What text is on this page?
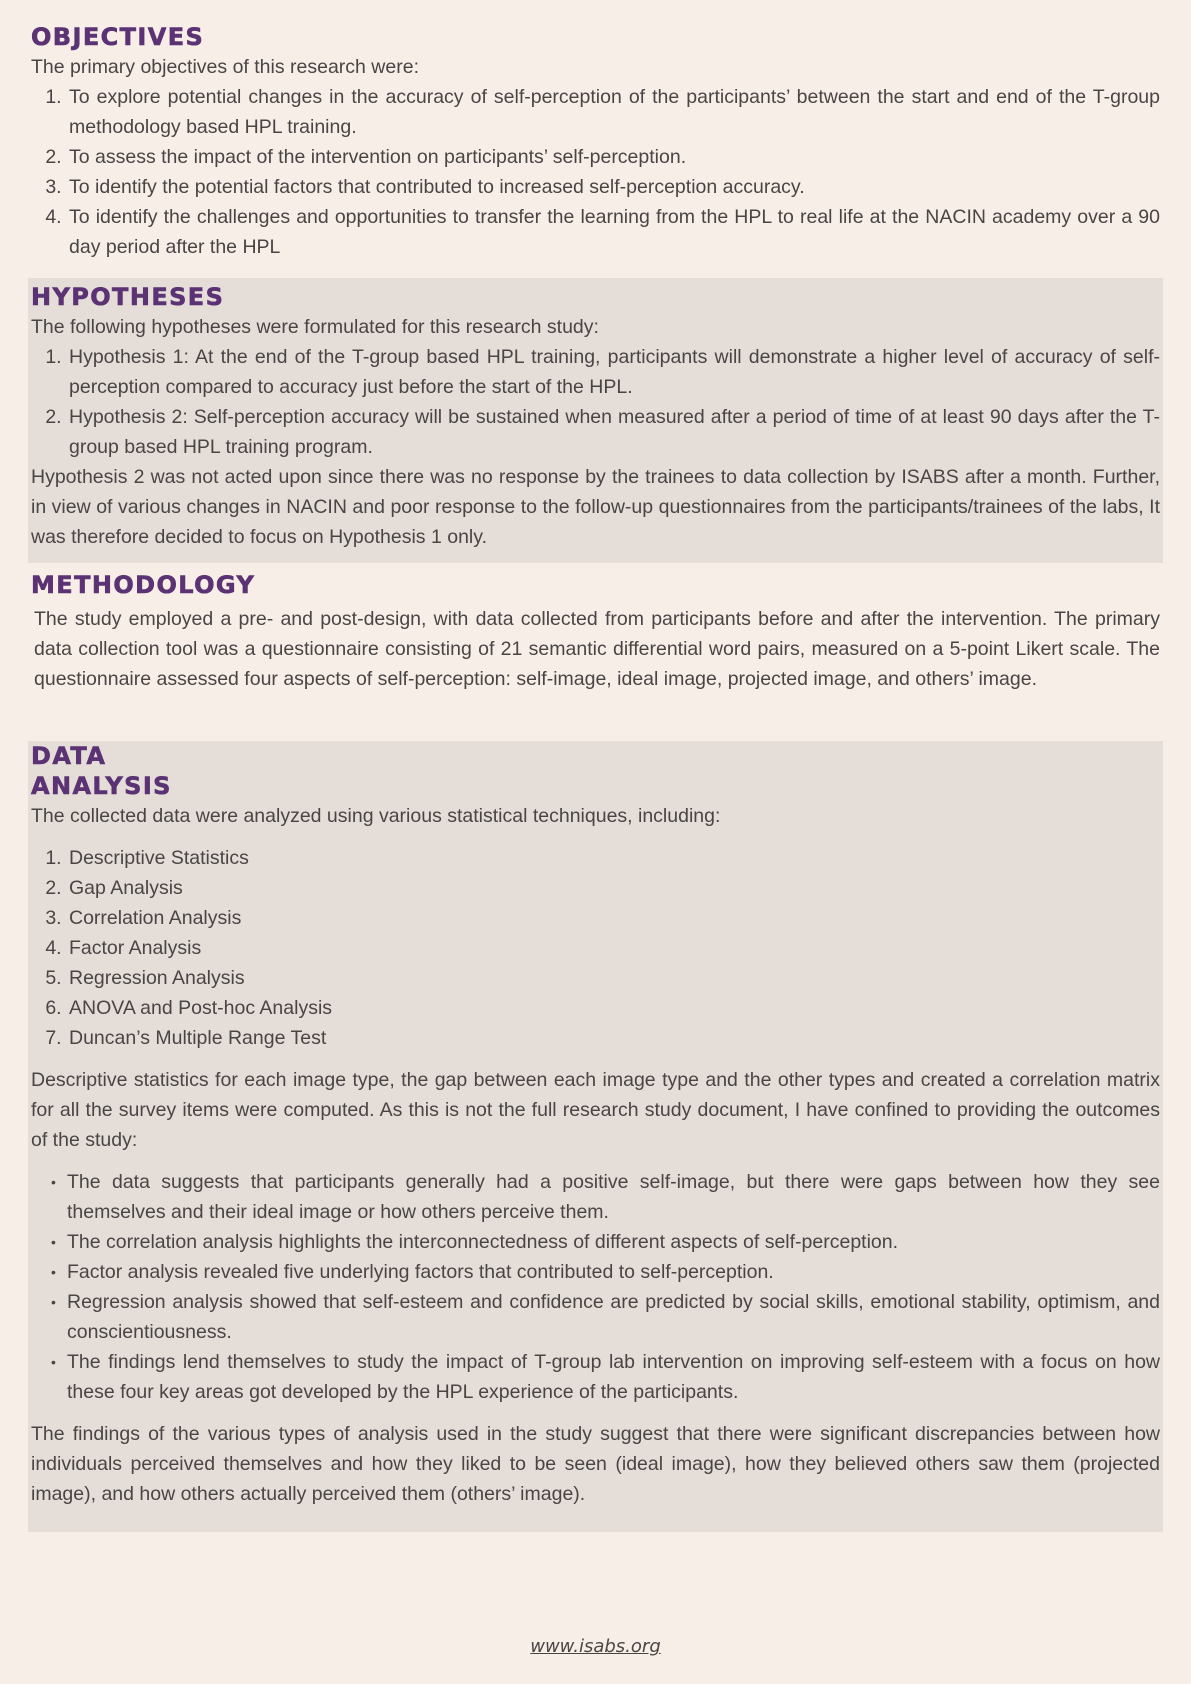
OBJECTIVES

The primary objectives of this research were:

1. To explore potential changes in the accuracy of self-perception of the participants’ between the start and end of the T-group methodology based HPL training.
2. To assess the impact of the intervention on participants’ self-perception.
3. To identify the potential factors that contributed to increased self-perception accuracy.
4. To identify the challenges and opportunities to transfer the learning from the HPL to real life at the NACIN academy over a 90 day period after the HPL
HYPOTHESES

The following hypotheses were formulated for this research study:

1. Hypothesis 1: At the end of the T-group based HPL training, participants will demonstrate a higher level of accuracy of self-perception compared to accuracy just before the start of the HPL.
2. Hypothesis 2: Self-perception accuracy will be sustained when measured after a period of time of at least 90 days after the T-group based HPL training program.

Hypothesis 2 was not acted upon since there was no response by the trainees to data collection by ISABS after a month. Further, in view of various changes in NACIN and poor response to the follow-up questionnaires from the participants/trainees of the labs, It was therefore decided to focus on Hypothesis 1 only.

METHODOLOGY

The study employed a pre- and post-design, with data collected from participants before and after the intervention. The primary data collection tool was a questionnaire consisting of 21 semantic differential word pairs, measured on a 5-point Likert scale. The questionnaire assessed four aspects of self-perception: self-image, ideal image, projected image, and others’ image.

DATA
ANALYSIS

The collected data were analyzed using various statistical techniques, including:

1. Descriptive Statistics
2. Gap Analysis
3. Correlation Analysis
4. Factor Analysis
5. Regression Analysis
6. ANOVA and Post-hoc Analysis
7. Duncan’s Multiple Range Test

Descriptive statistics for each image type, the gap between each image type and the other types and created a correlation matrix for all the survey items were computed. As this is not the full research study document, I have confined to providing the outcomes of the study:

• The data suggests that participants generally had a positive self-image, but there were gaps between how they see themselves and their ideal image or how others perceive them.
• The correlation analysis highlights the interconnectedness of different aspects of self-perception.
• Factor analysis revealed five underlying factors that contributed to self-perception.
• Regression analysis showed that self-esteem and confidence are predicted by social skills, emotional stability, optimism, and conscientiousness.
• The findings lend themselves to study the impact of T-group lab intervention on improving self-esteem with a focus on how these four key areas got developed by the HPL experience of the participants.

The findings of the various types of analysis used in the study suggest that there were significant discrepancies between how individuals perceived themselves and how they liked to be seen (ideal image), how they believed others saw them (projected image), and how others actually perceived them (others’ image).

www.isabs.org
